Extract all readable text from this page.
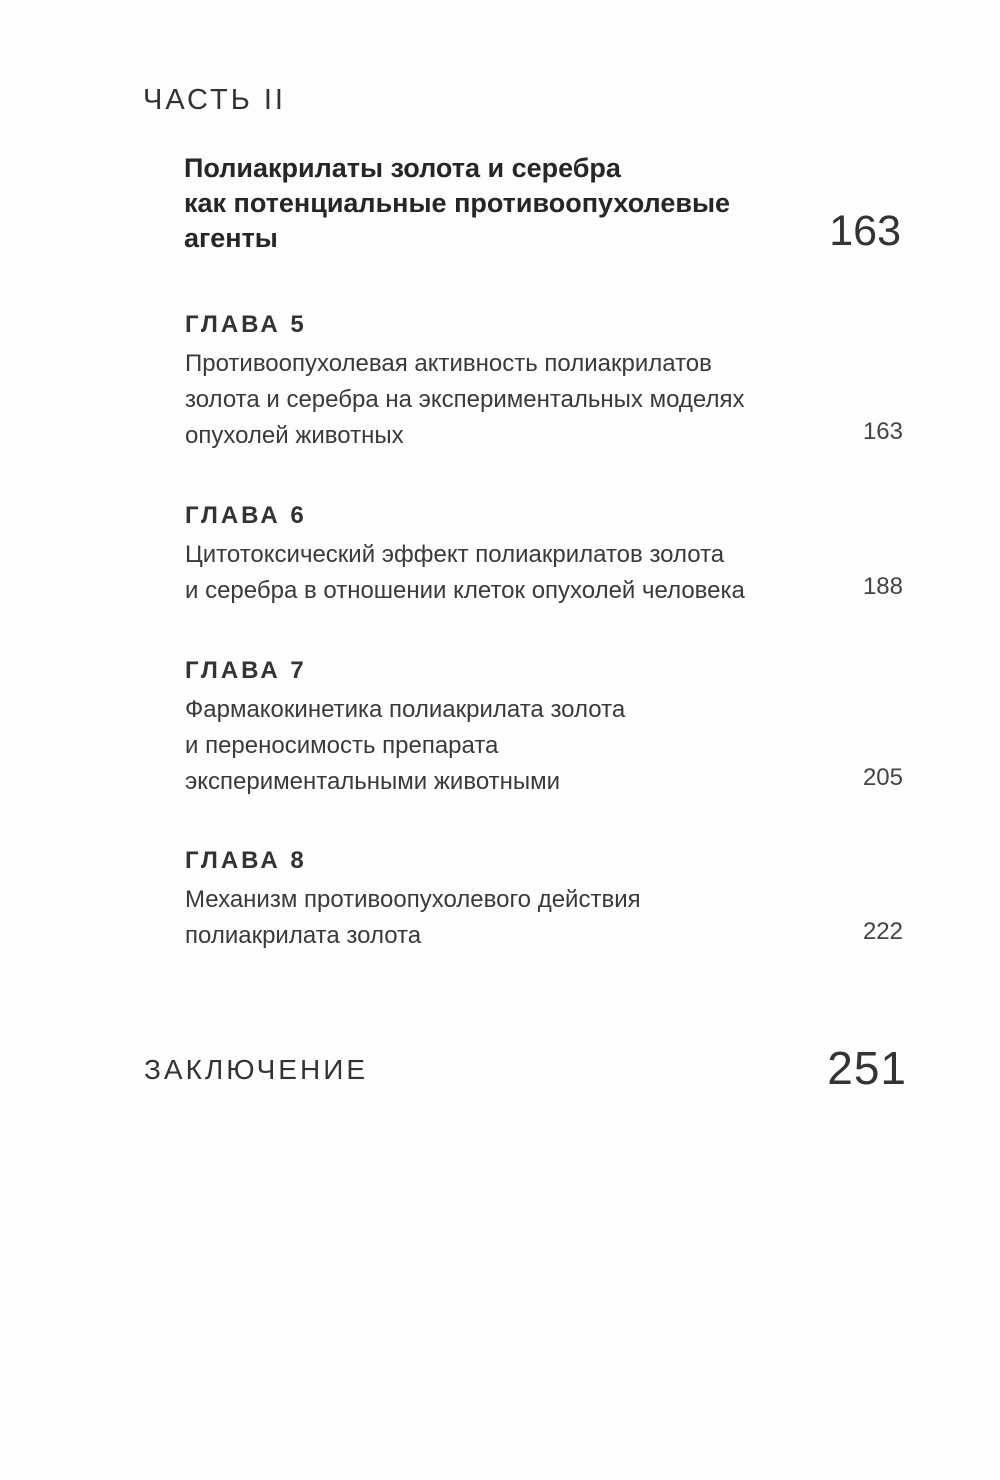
ЧАСТЬ II
Полиакрилаты золота и серебра
как потенциальные противоопухолевые
агенты	163
ГЛАВА 5
Противоопухолевая активность полиакрилатов
золота и серебра на экспериментальных моделях
опухолей животных	163
ГЛАВА 6
Цитотоксический эффект полиакрилатов золота
и серебра в отношении клеток опухолей человека	188
ГЛАВА 7
Фармакокинетика полиакрилата золота
и переносимость препарата
экспериментальными животными	205
ГЛАВА 8
Механизм противоопухолевого действия
полиакрилата золота	222
ЗАКЛЮЧЕНИЕ	251
